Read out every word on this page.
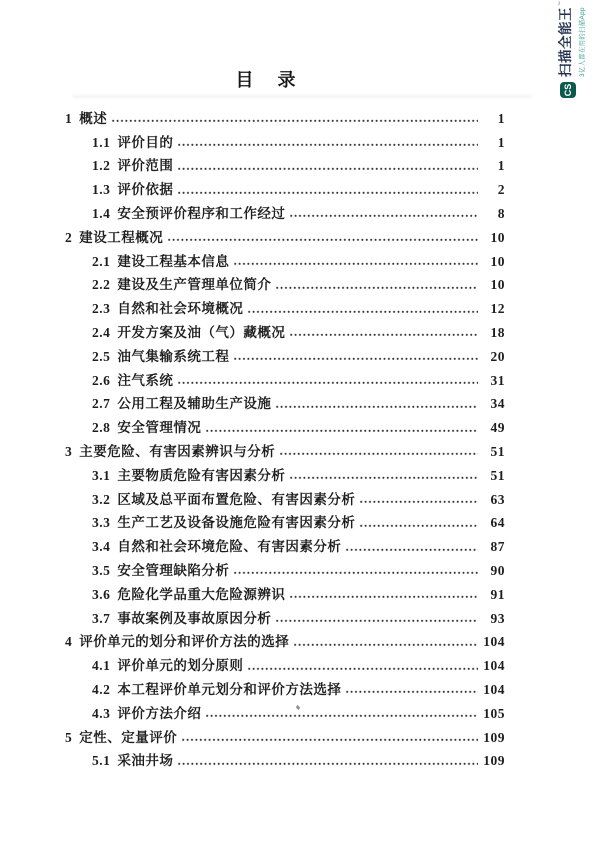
CS
扫描全能王™
3亿人都在用的扫描App
目　录
1 概述	1
1.1 评价目的	1
1.2 评价范围	1
1.3 评价依据	2
1.4 安全预评价程序和工作经过	8
2 建设工程概况	10
2.1 建设工程基本信息	10
2.2 建设及生产管理单位简介	10
2.3 自然和社会环境概况	12
2.4 开发方案及油（气）藏概况	18
2.5 油气集输系统工程	20
2.6 注气系统	31
2.7 公用工程及辅助生产设施	34
2.8 安全管理情况	49
3 主要危险、有害因素辨识与分析	51
3.1 主要物质危险有害因素分析	51
3.2 区域及总平面布置危险、有害因素分析	63
3.3 生产工艺及设备设施危险有害因素分析	64
3.4 自然和社会环境危险、有害因素分析	87
3.5 安全管理缺陷分析	90
3.6 危险化学品重大危险源辨识	91
3.7 事故案例及事故原因分析	93
4 评价单元的划分和评价方法的选择	104
4.1 评价单元的划分原则	104
4.2 本工程评价单元划分和评价方法选择	104
4.3 评价方法介绍	105
5 定性、定量评价	109
5.1 采油井场	109
